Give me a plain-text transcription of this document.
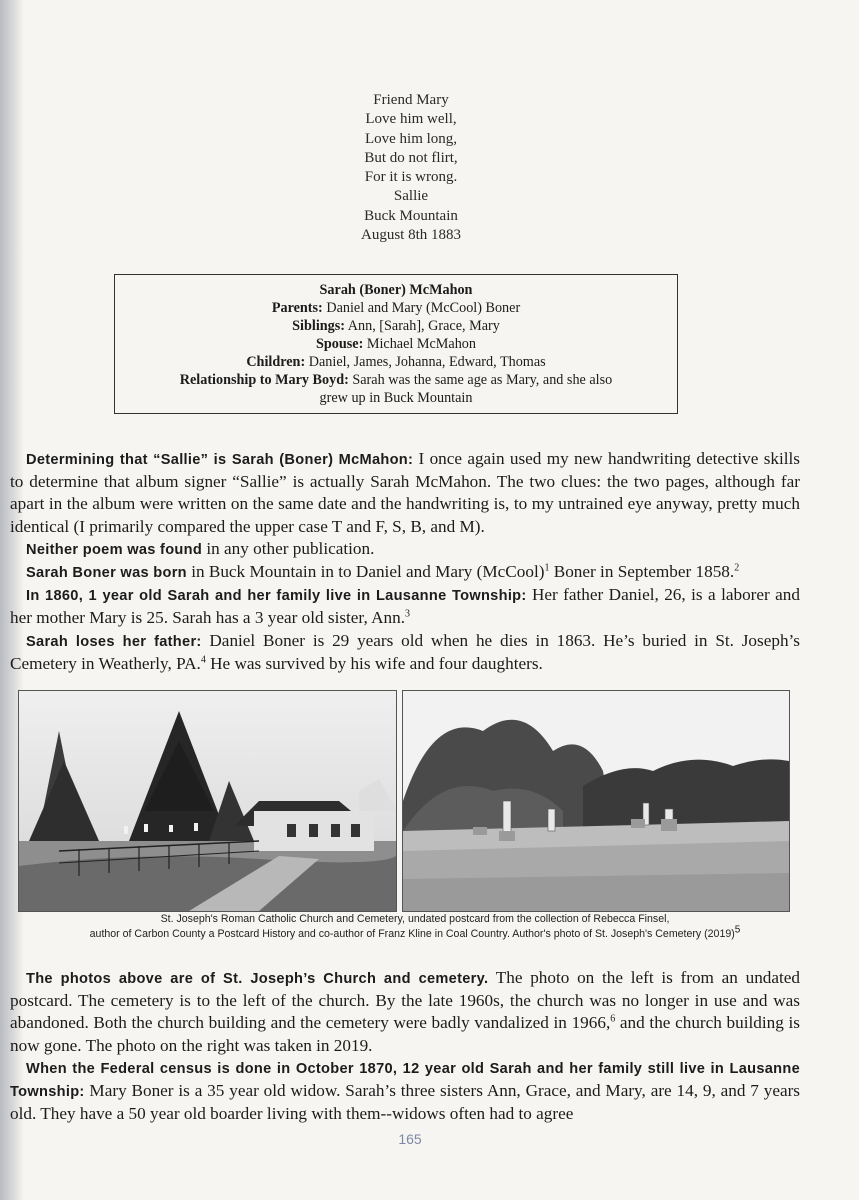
Friend Mary
Love him well,
Love him long,
But do not flirt,
For it is wrong.
Sallie
Buck Mountain
August 8th 1883
Sarah (Boner) McMahon
Parents: Daniel and Mary (McCool) Boner
Siblings: Ann, [Sarah], Grace, Mary
Spouse: Michael McMahon
Children: Daniel, James, Johanna, Edward, Thomas
Relationship to Mary Boyd: Sarah was the same age as Mary, and she also grew up in Buck Mountain

Determining that “Sallie” is Sarah (Boner) McMahon: I once again used my new handwriting detective skills to determine that album signer “Sallie” is actually Sarah McMahon. The two clues: the two pages, although far apart in the album were written on the same date and the handwriting is, to my untrained eye anyway, pretty much identical (I primarily compared the upper case T and F, S, B, and M).

Neither poem was found in any other publication.

Sarah Boner was born in Buck Mountain in to Daniel and Mary (McCool)$^1$ Boner in September 1858.$^2$

In 1860, 1 year old Sarah and her family live in Lausanne Township: Her father Daniel, 26, is a laborer and her mother Mary is 25. Sarah has a 3 year old sister, Ann.$^3$

Sarah loses her father: Daniel Boner is 29 years old when he dies in 1863. He’s buried in St. Joseph’s Cemetery in Weatherly, PA.$^4$ He was survived by his wife and four daughters.

St. Joseph's Roman Catholic Church and Cemetery, undated postcard from the collection of Rebecca Finsel,
author of Carbon County a Postcard History and co-author of Franz Kline in Coal Country. Author's photo of St. Joseph's Cemetery $(2019)^5$

The photos above are of St. Joseph’s Church and cemetery. The photo on the left is from an undated postcard. The cemetery is to the left of the church. By the late 1960s, the church was no longer in use and was abandoned. Both the church building and the cemetery were badly vandalized in 1966,$^6$ and the church building is now gone. The photo on the right was taken in 2019.

When the Federal census is done in October 1870, 12 year old Sarah and her family still live in Lausanne Township: Mary Boner is a 35 year old widow. Sarah’s three sisters Ann, Grace, and Mary, are 14, 9, and 7 years old. They have a 50 year old boarder living with them--widows often had to agree

165
